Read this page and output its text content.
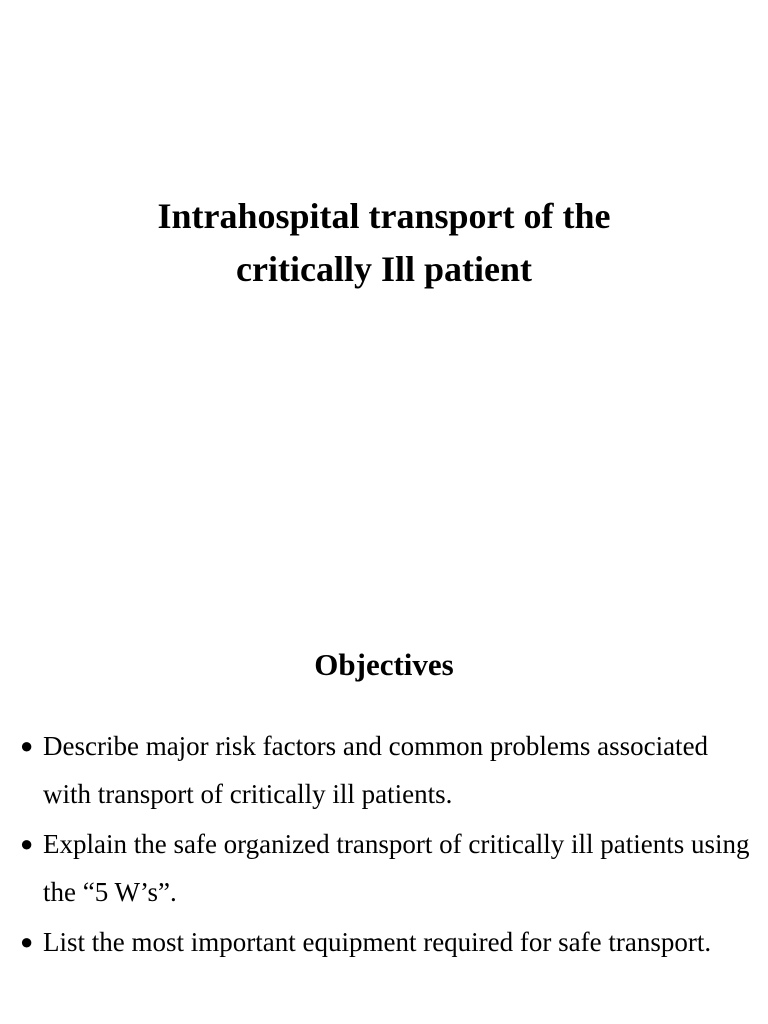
Intrahospital transport of the
critically Ill patient
Objectives
● Describe major risk factors and common problems associated with transport of critically ill patients.
● Explain the safe organized transport of critically ill patients using the “5 W’s”.
● List the most important equipment required for safe transport.
